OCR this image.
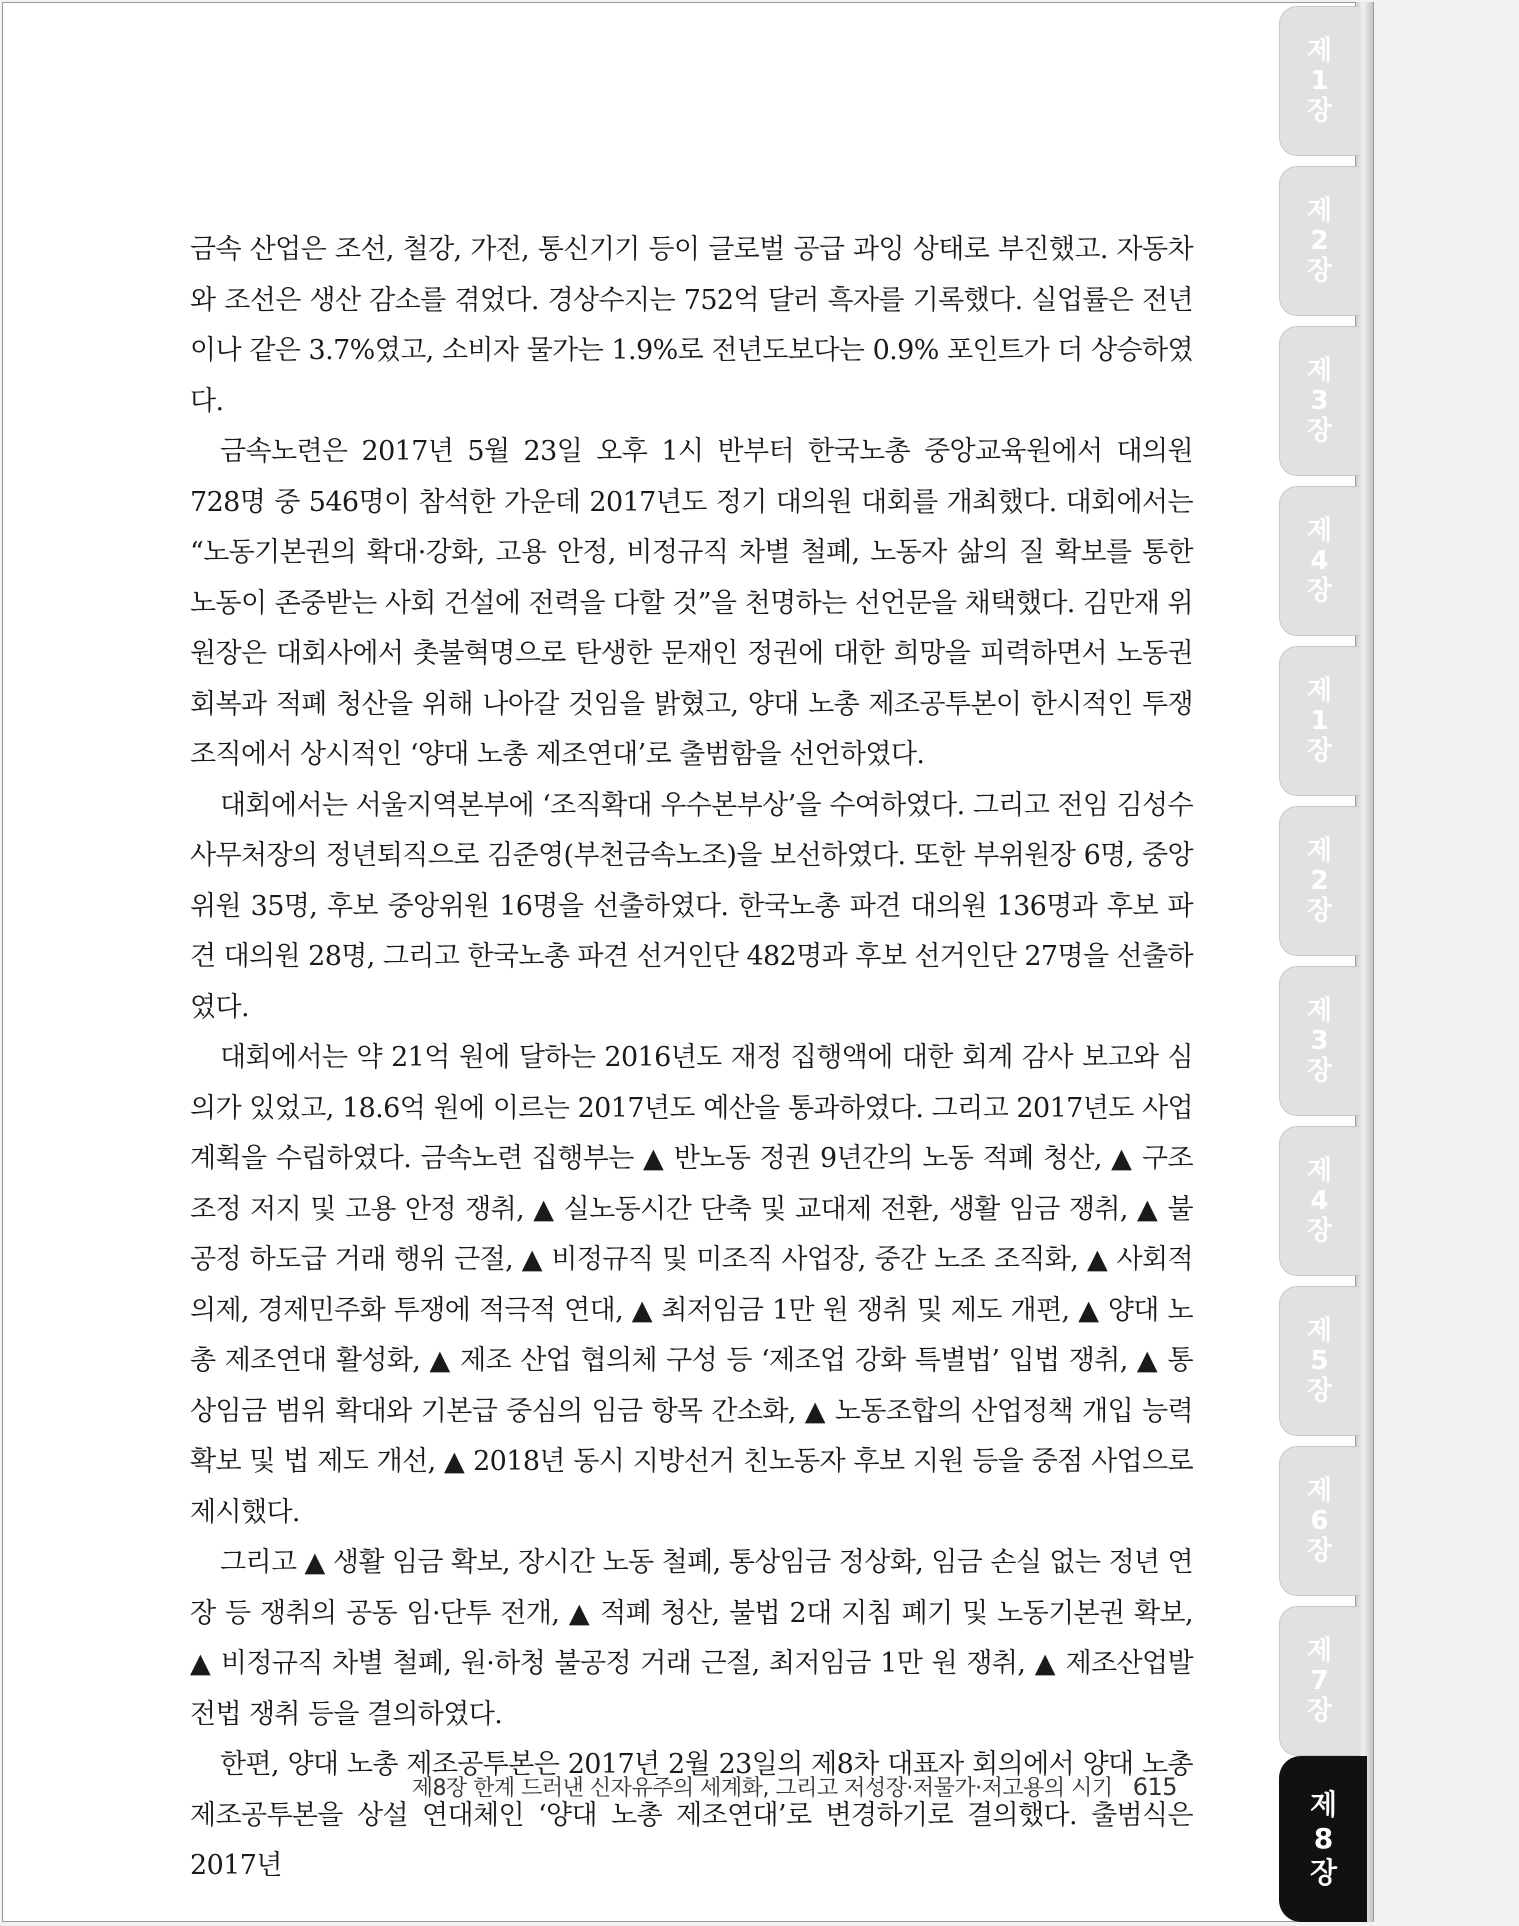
금속 산업은 조선, 철강, 가전, 통신기기 등이 글로벌 공급 과잉 상태로 부진했고. 자동차와 조선은 생산 감소를 겪었다. 경상수지는 752억 달러 흑자를 기록했다. 실업률은 전년이나 같은 3.7%였고, 소비자 물가는 1.9%로 전년도보다는 0.9% 포인트가 더 상승하였다.

금속노련은 2017년 5월 23일 오후 1시 반부터 한국노총 중앙교육원에서 대의원 728명 중 546명이 참석한 가운데 2017년도 정기 대의원 대회를 개최했다. 대회에서는 “노동기본권의 확대·강화, 고용 안정, 비정규직 차별 철폐, 노동자 삶의 질 확보를 통한 노동이 존중받는 사회 건설에 전력을 다할 것”을 천명하는 선언문을 채택했다. 김만재 위원장은 대회사에서 촛불혁명으로 탄생한 문재인 정권에 대한 희망을 피력하면서 노동권 회복과 적폐 청산을 위해 나아갈 것임을 밝혔고, 양대 노총 제조공투본이 한시적인 투쟁 조직에서 상시적인 ‘양대 노총 제조연대’로 출범함을 선언하였다.

대회에서는 서울지역본부에 ‘조직확대 우수본부상’을 수여하였다. 그리고 전임 김성수 사무처장의 정년퇴직으로 김준영(부천금속노조)을 보선하였다. 또한 부위원장 6명, 중앙위원 35명, 후보 중앙위원 16명을 선출하였다. 한국노총 파견 대의원 136명과 후보 파견 대의원 28명, 그리고 한국노총 파견 선거인단 482명과 후보 선거인단 27명을 선출하였다.

대회에서는 약 21억 원에 달하는 2016년도 재정 집행액에 대한 회계 감사 보고와 심의가 있었고, 18.6억 원에 이르는 2017년도 예산을 통과하였다. 그리고 2017년도 사업 계획을 수립하였다. 금속노련 집행부는 ▲ 반노동 정권 9년간의 노동 적폐 청산, ▲ 구조조정 저지 및 고용 안정 쟁취, ▲ 실노동시간 단축 및 교대제 전환, 생활 임금 쟁취, ▲ 불공정 하도급 거래 행위 근절, ▲ 비정규직 및 미조직 사업장, 중간 노조 조직화, ▲ 사회적 의제, 경제민주화 투쟁에 적극적 연대, ▲ 최저임금 1만 원 쟁취 및 제도 개편, ▲ 양대 노총 제조연대 활성화, ▲ 제조 산업 협의체 구성 등 ‘제조업 강화 특별법’ 입법 쟁취, ▲ 통상임금 범위 확대와 기본급 중심의 임금 항목 간소화, ▲ 노동조합의 산업정책 개입 능력 확보 및 법 제도 개선, ▲ 2018년 동시 지방선거 친노동자 후보 지원 등을 중점 사업으로 제시했다.

그리고 ▲ 생활 임금 확보, 장시간 노동 철폐, 통상임금 정상화, 임금 손실 없는 정년 연장 등 쟁취의 공동 임·단투 전개, ▲ 적폐 청산, 불법 2대 지침 폐기 및 노동기본권 확보, ▲ 비정규직 차별 철폐, 원·하청 불공정 거래 근절, 최저임금 1만 원 쟁취, ▲ 제조산업발전법 쟁취 등을 결의하였다.

한편, 양대 노총 제조공투본은 2017년 2월 23일의 제8차 대표자 회의에서 양대 노총 제조공투본을 상설 연대체인 ‘양대 노총 제조연대’로 변경하기로 결의했다. 출범식은 2017년

제8장 한계 드러낸 신자유주의 세계화, 그리고 저성장·저물가·저고용의 시기 615
제1장
제2장
제3장
제4장
제1장
제2장
제3장
제4장
제5장
제6장
제7장
제8장
